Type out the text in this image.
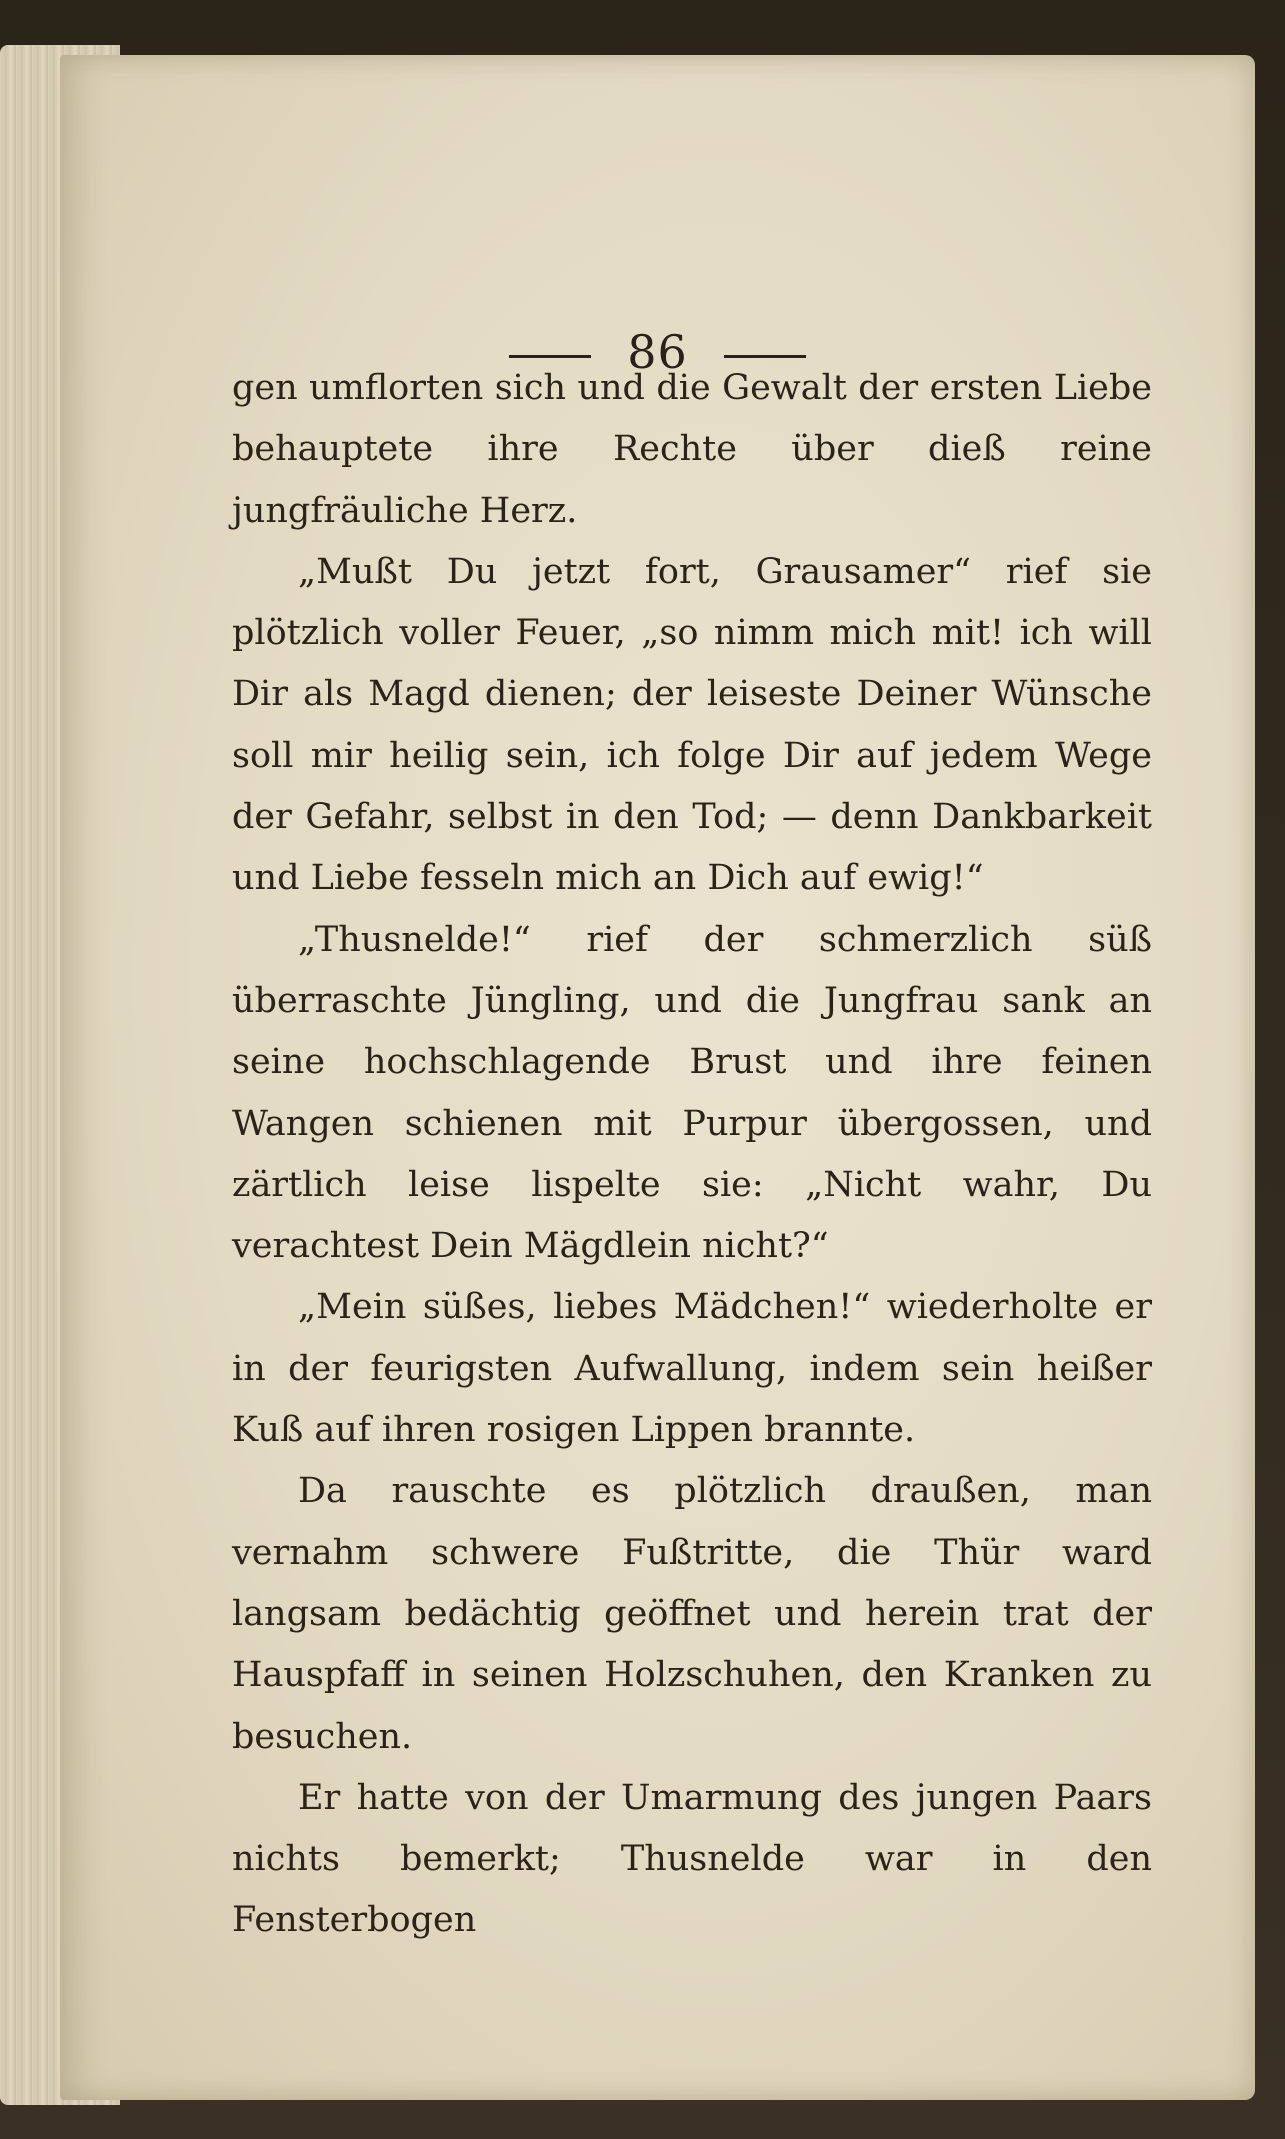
86

gen umflorten sich und die Gewalt der ersten Liebe behauptete ihre Rechte über dieß reine jungfräuliche Herz.

„Mußt Du jetzt fort, Grausamer“ rief sie plötzlich voller Feuer, „so nimm mich mit! ich will Dir als Magd dienen; der leiseste Deiner Wünsche soll mir heilig sein, ich folge Dir auf jedem Wege der Gefahr, selbst in den Tod; — denn Dankbarkeit und Liebe fesseln mich an Dich auf ewig!“

„Thusnelde!“ rief der schmerzlich süß überraschte Jüngling, und die Jungfrau sank an seine hochschlagende Brust und ihre feinen Wangen schienen mit Purpur übergossen, und zärtlich leise lispelte sie: „Nicht wahr, Du verachtest Dein Mägdlein nicht?“

„Mein süßes, liebes Mädchen!“ wiederholte er in der feurigsten Aufwallung, indem sein heißer Kuß auf ihren rosigen Lippen brannte.

Da rauschte es plötzlich draußen, man vernahm schwere Fußtritte, die Thür ward langsam bedächtig geöffnet und herein trat der Hauspfaff in seinen Holzschuhen, den Kranken zu besuchen.

Er hatte von der Umarmung des jungen Paars nichts bemerkt; Thusnelde war in den Fensterbogen
